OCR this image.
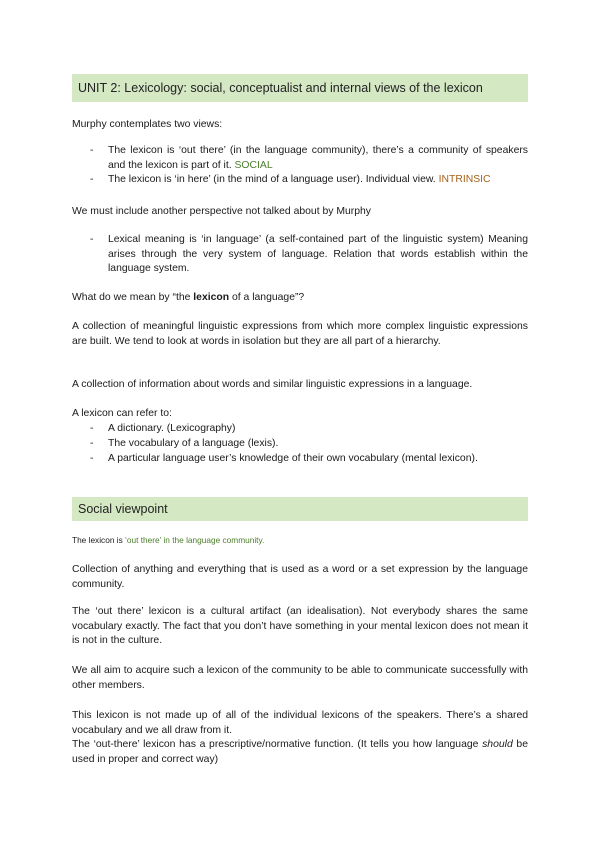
UNIT 2: Lexicology: social, conceptualist and internal views of the lexicon

Murphy contemplates two views:

- The lexicon is ‘out there’ (in the language community), there’s a community of speakers and the lexicon is part of it. SOCIAL
- The lexicon is ‘in here’ (in the mind of a language user). Individual view. INTRINSIC

We must include another perspective not talked about by Murphy

- Lexical meaning is ‘in language’ (a self-contained part of the linguistic system) Meaning arises through the very system of language. Relation that words establish within the language system.

What do we mean by “the lexicon of a language”?

A collection of meaningful linguistic expressions from which more complex linguistic expressions are built. We tend to look at words in isolation but they are all part of a hierarchy.

A collection of information about words and similar linguistic expressions in a language.

A lexicon can refer to:

- A dictionary. (Lexicography)
- The vocabulary of a language (lexis).
- A particular language user’s knowledge of their own vocabulary (mental lexicon).
Social viewpoint

The lexicon is ‘out there’ in the language community.

Collection of anything and everything that is used as a word or a set expression by the language community.

The ‘out there’ lexicon is a cultural artifact (an idealisation). Not everybody shares the same vocabulary exactly. The fact that you don’t have something in your mental lexicon does not mean it is not in the culture.

We all aim to acquire such a lexicon of the community to be able to communicate successfully with other members.

This lexicon is not made up of all of the individual lexicons of the speakers. There’s a shared vocabulary and we all draw from it.

The ‘out-there’ lexicon has a prescriptive/normative function. (It tells you how language should be used in proper and correct way)
